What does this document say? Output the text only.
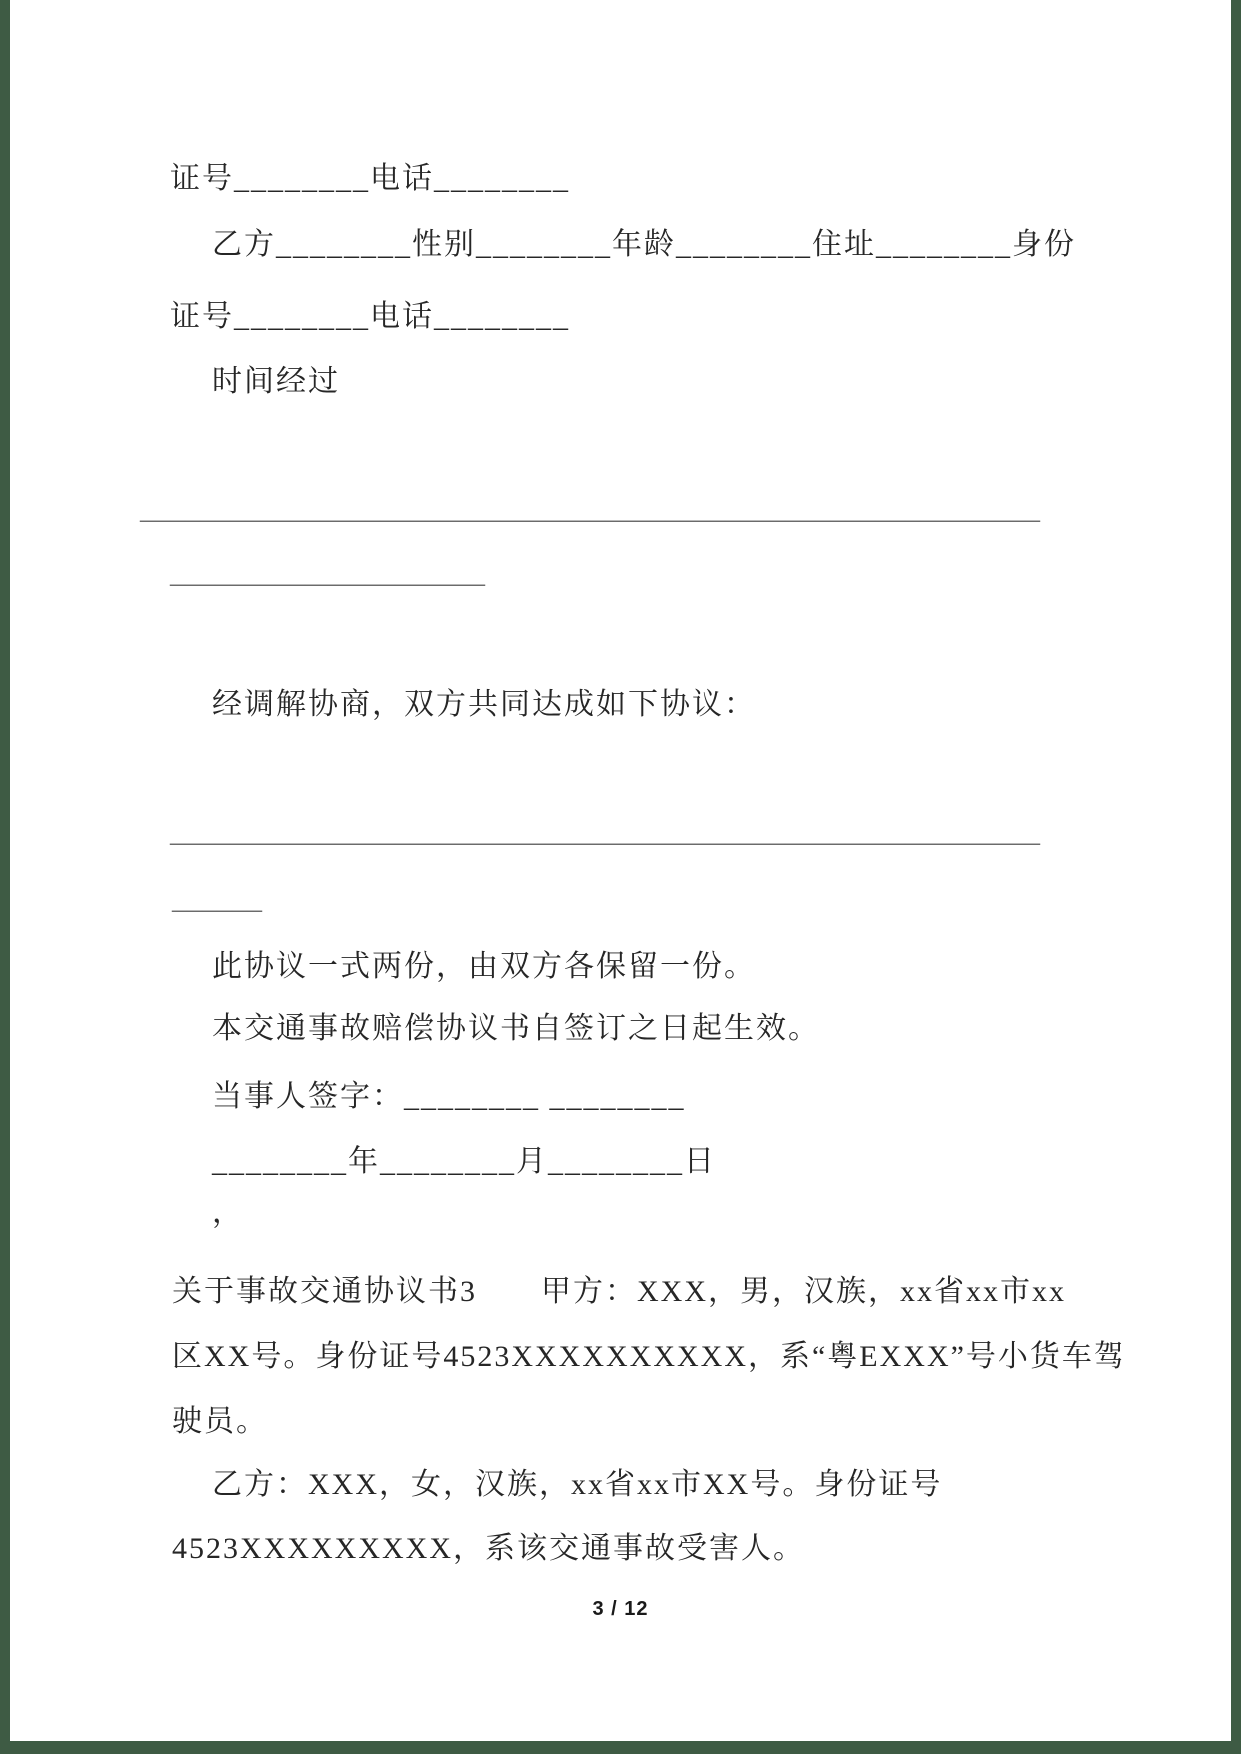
证号________电话________
乙方________性别________年龄________住址________身份
证号________电话________
时间经过
____________________________________________________________
_____________________
经调解协商，双方共同达成如下协议：
__________________________________________________________
______
此协议一式两份，由双方各保留一份。
本交通事故赔偿协议书自签订之日起生效。
当事人签字：________ ________
________年________月________日
，
关于事故交通协议书3　　甲方：XXX，男，汉族，xx省xx市xx
区XX号。身份证号4523XXXXXXXXXX，系“粤EXXX”号小货车驾
驶员。
乙方：XXX，女，汉族，xx省xx市XX号。身份证号
4523XXXXXXXXX，系该交通事故受害人。
3 / 12
